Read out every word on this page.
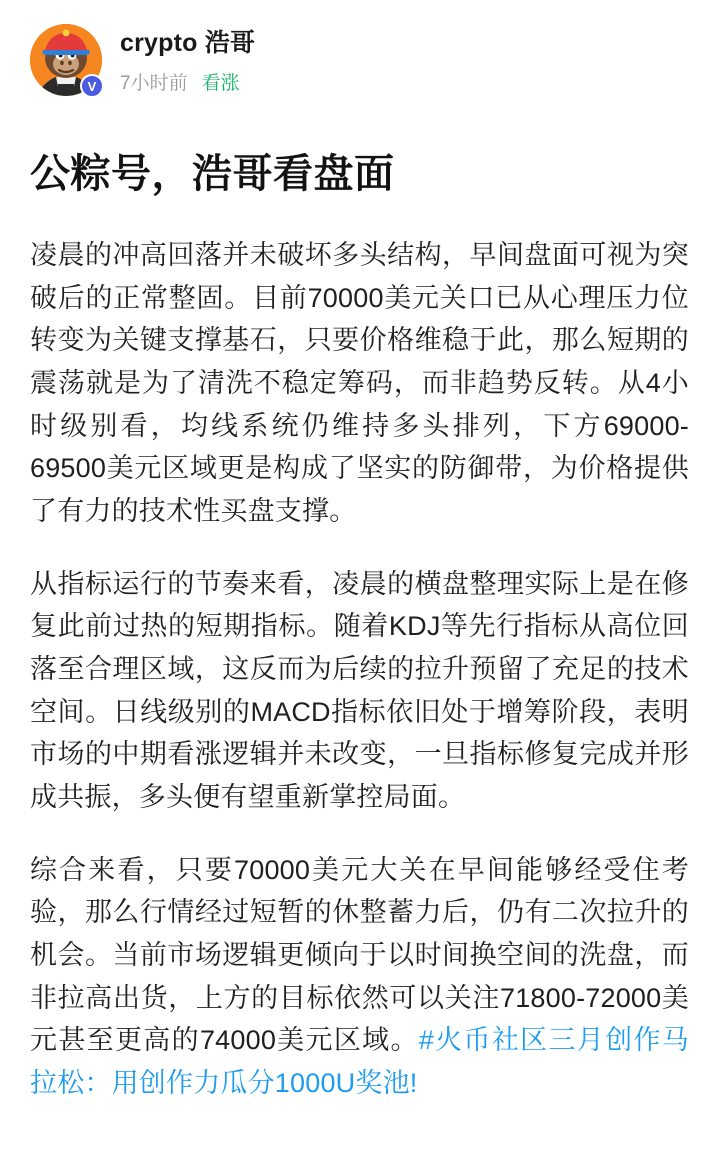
V
crypto 浩哥
7小时前 看涨
公粽号，浩哥看盘面

凌晨的冲高回落并未破坏多头结构，早间盘面可视为突破后的正常整固。目前70000美元关口已从心理压力位转变为关键支撑基石，只要价格维稳于此，那么短期的震荡就是为了清洗不稳定筹码，而非趋势反转。从4小时级别看，均线系统仍维持多头排列，下方69000-69500美元区域更是构成了坚实的防御带，为价格提供了有力的技术性买盘支撑。

从指标运行的节奏来看，凌晨的横盘整理实际上是在修复此前过热的短期指标。随着KDJ等先行指标从高位回落至合理区域，这反而为后续的拉升预留了充足的技术空间。日线级别的MACD指标依旧处于增筹阶段，表明市场的中期看涨逻辑并未改变，一旦指标修复完成并形成共振，多头便有望重新掌控局面。

综合来看，只要70000美元大关在早间能够经受住考验，那么行情经过短暂的休整蓄力后，仍有二次拉升的机会。当前市场逻辑更倾向于以时间换空间的洗盘，而非拉高出货，上方的目标依然可以关注71800-72000美元甚至更高的74000美元区域。#火币社区三月创作马拉松：用创作力瓜分1000U奖池!
